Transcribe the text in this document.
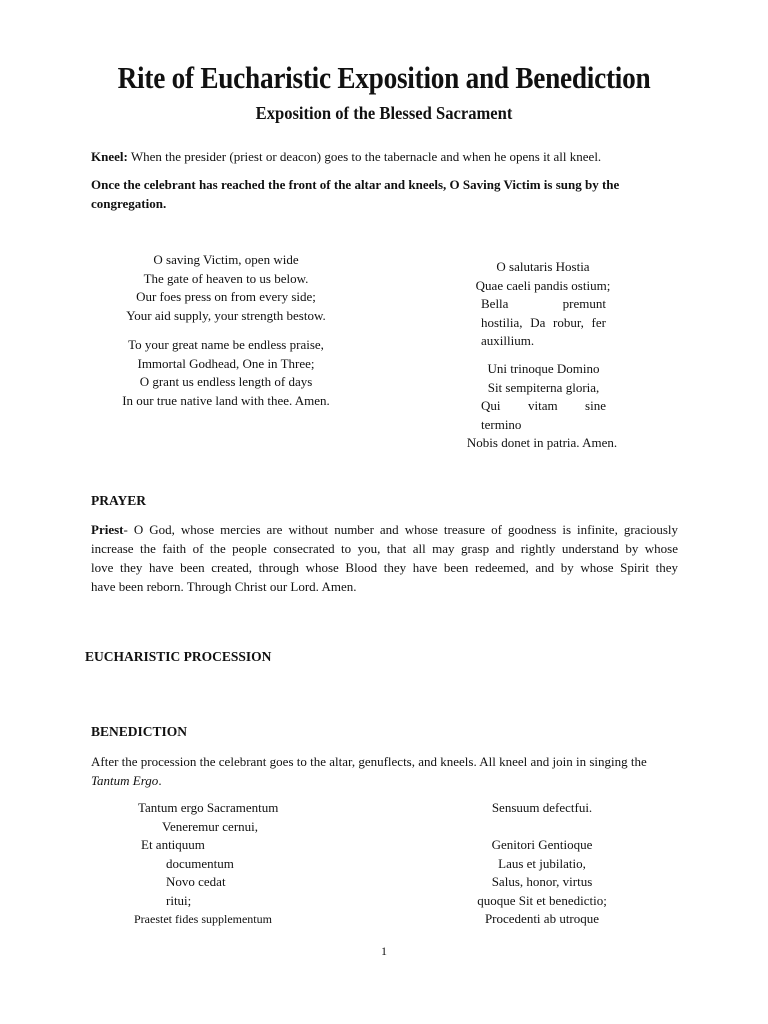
Rite of Eucharistic Exposition and Benediction
Exposition of the Blessed Sacrament
Kneel: When the presider (priest or deacon) goes to the tabernacle and when he opens it all kneel.
Once the celebrant has reached the front of the altar and kneels, O Saving Victim is sung by the
congregation.
O saving Victim, open wide
The gate of heaven to us below.
Our foes press on from every side;
Your aid supply, your strength bestow.
To your great name be endless praise,
Immortal Godhead, One in Three;
O grant us endless length of days
In our true native land with thee. Amen.
O salutaris Hostia
Quae caeli pandis ostium;
Bella premunt
hostilia, Da robur, fer
auxillium.
Uni trinoque Domino
Sit sempiterna gloria,
Qui vitam sine
termino
Nobis donet in patria. Amen.
PRAYER
Priest- O God, whose mercies are without number and whose treasure of goodness is infinite, graciously
increase the faith of the people consecrated to you, that all may grasp and rightly understand by whose
love they have been created, through whose Blood they have been redeemed, and by whose Spirit they
have been reborn. Through Christ our Lord. Amen.
EUCHARISTIC PROCESSION
BENEDICTION
After the procession the celebrant goes to the altar, genuflects, and kneels. All kneel and join in singing the
Tantum Ergo.
Tantum ergo Sacramentum
Veneremur cernui,
Et antiquum
documentum
Novo cedat
ritui;
Praestet fides supplementum
Sensuum defectfui.
Genitori Gentioque
Laus et jubilatio,
Salus, honor, virtus
quoque Sit et benedictio;
Procedenti ab utroque
1
